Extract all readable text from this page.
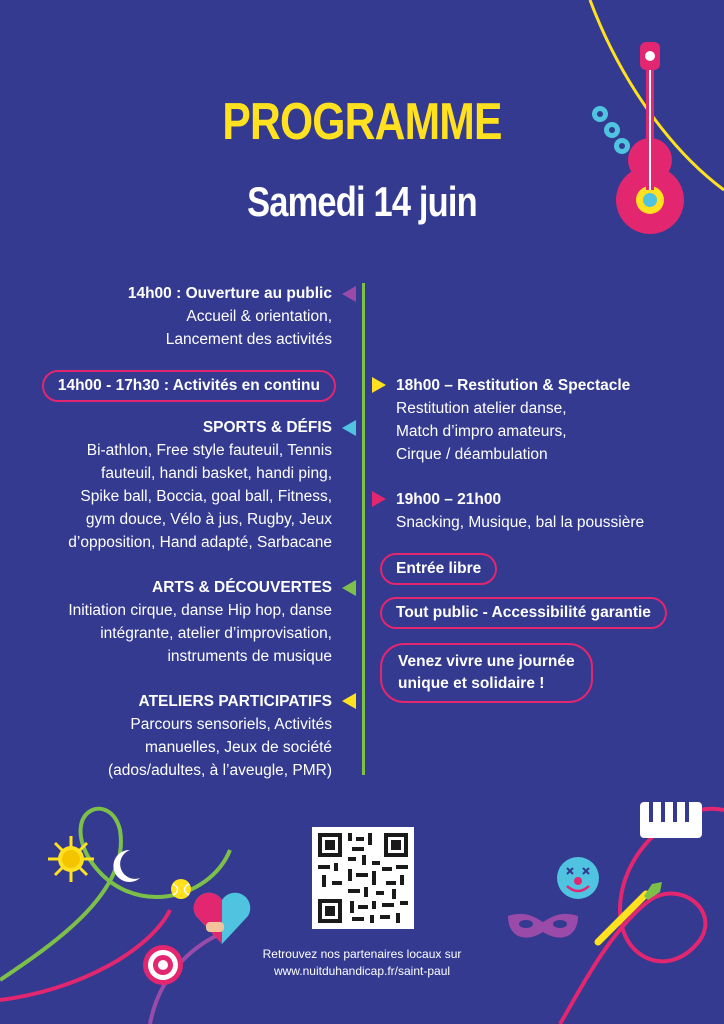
PROGRAMME
Samedi 14 juin
14h00 : Ouverture au public
Accueil & orientation,
Lancement des activités
14h00 - 17h30 : Activités en continu
SPORTS & DÉFIS
Bi-athlon, Free style fauteuil, Tennis
fauteuil, handi basket, handi ping,
Spike ball, Boccia, goal ball, Fitness,
gym douce, Vélo à jus, Rugby, Jeux
d’opposition, Hand adapté, Sarbacane
ARTS & DÉCOUVERTES
Initiation cirque, danse Hip hop, danse
intégrante, atelier d’improvisation,
instruments de musique
ATELIERS PARTICIPATIFS
Parcours sensoriels, Activités
manuelles, Jeux de société
(ados/adultes, à l’aveugle, PMR)
18h00 – Restitution & Spectacle
Restitution atelier danse,
Match d’impro amateurs,
Cirque / déambulation
19h00 – 21h00
Snacking, Musique, bal la poussière
Entrée libre
Tout public - Accessibilité garantie
Venez vivre une journée
unique et solidaire !
Retrouvez nos partenaires locaux sur
www.nuitduhandicap.fr/saint-paul
